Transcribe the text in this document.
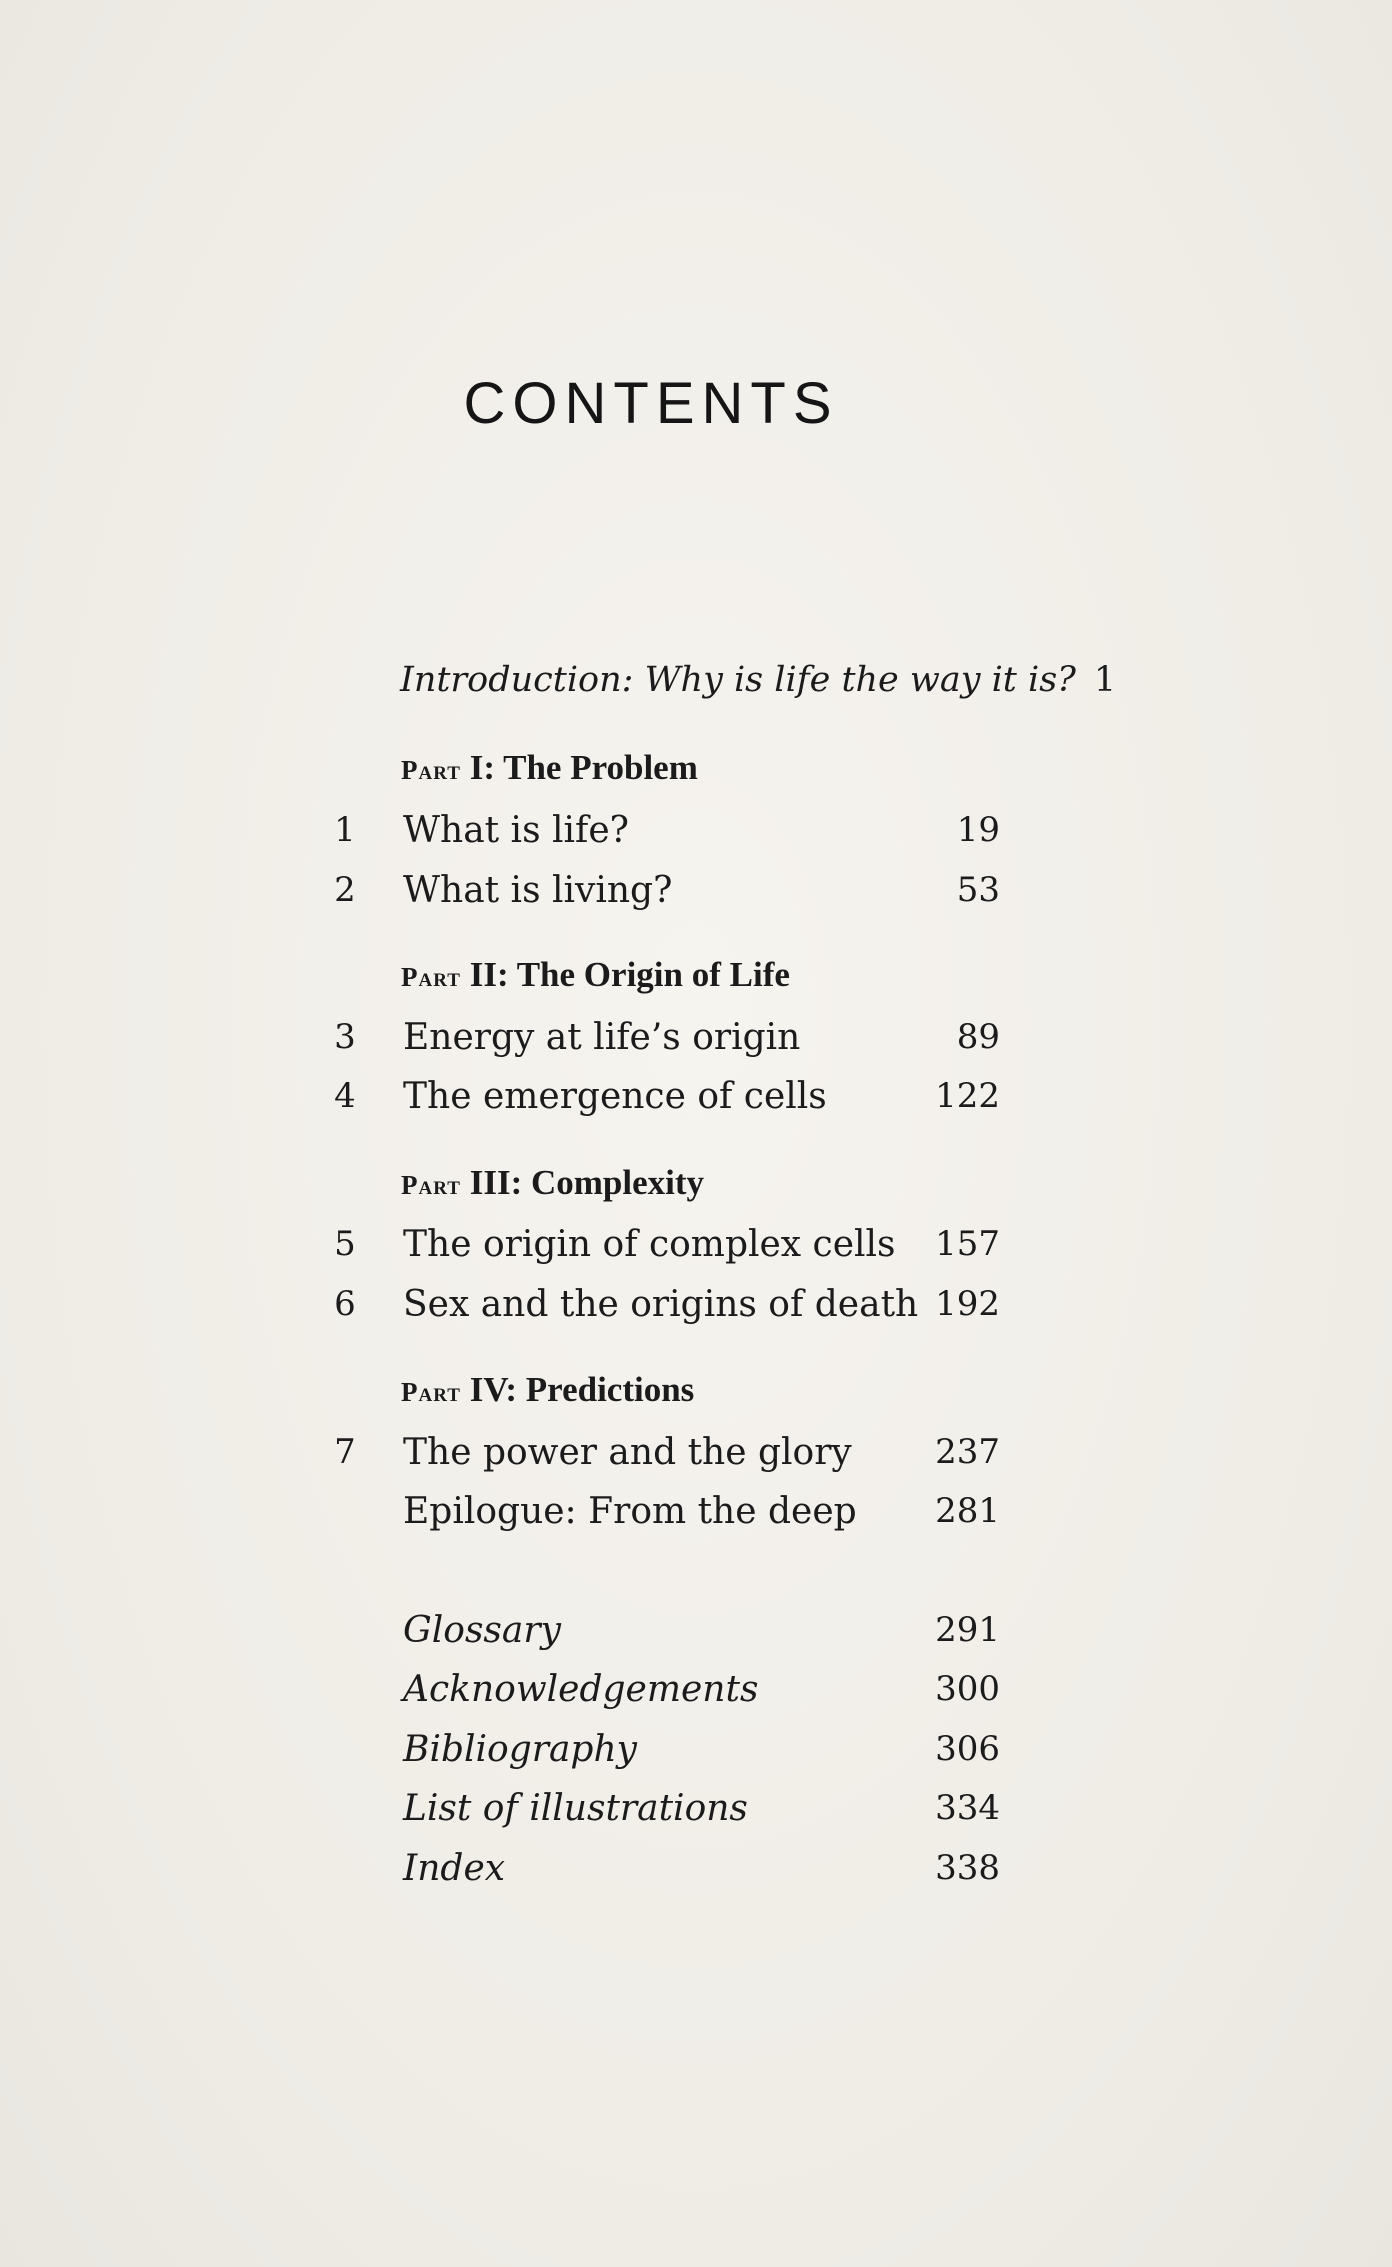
CONTENTS
Introduction: Why is life the way it is? 1
Part I: The Problem
1	What is life?	19
2	What is living?	53
Part II: The Origin of Life
3	Energy at life’s origin	89
4	The emergence of cells	122
Part III: Complexity
5	The origin of complex cells 157
6	Sex and the origins of death 192
Part IV: Predictions
7	The power and the glory 237
Epilogue: From the deep 281
Glossary	291
Acknowledgements	300
Bibliography	306
List of illustrations	334
Index	338
